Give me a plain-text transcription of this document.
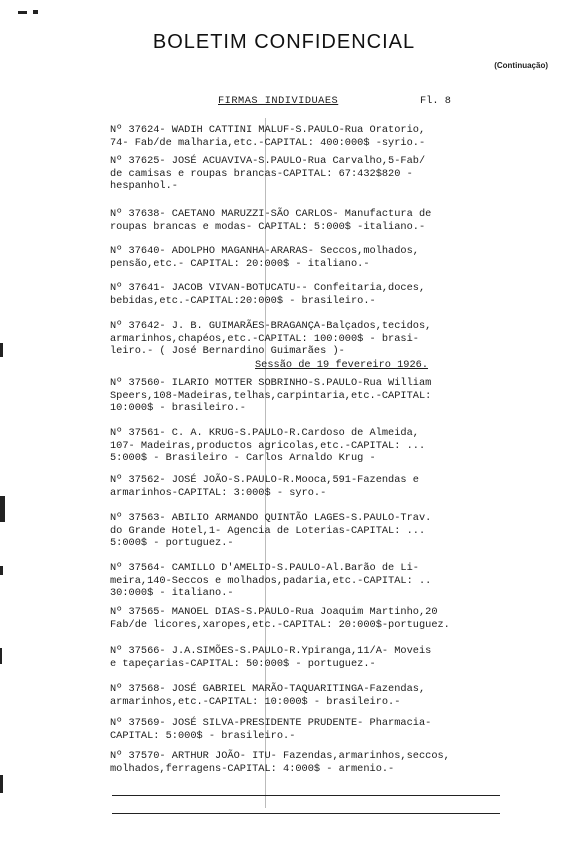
BOLETIM CONFIDENCIAL
(Continuação)
FIRMAS INDIVIDUAES	Fl. 8
Sessão de 19 fevereiro 1926.
Nº 37624- WADIH CATTINI MALUF-S.PAULO-Rua Oratorio,
74- Fab/de malharia,etc.-CAPITAL: 400:000$ -syrio.-
Nº 37625- JOSÉ ACUAVIVA-S.PAULO-Rua Carvalho,5-Fab/
de camisas e roupas brancas-CAPITAL: 67:432$820 -
hespanhol.-
Nº 37638- CAETANO MARUZZI-SÃO CARLOS- Manufactura de
roupas brancas e modas- CAPITAL: 5:000$ -italiano.-
Nº 37640- ADOLPHO MAGANHA-ARARAS- Seccos,molhados,
pensão,etc.- CAPITAL: 20:000$ - italiano.-
Nº 37641- JACOB VIVAN-BOTUCATU-- Confeitaria,doces,
bebidas,etc.-CAPITAL:20:000$ - brasileiro.-
Nº 37642- J. B. GUIMARÃES-BRAGANÇA-Balçados,tecidos,
armarinhos,chapéos,etc.-CAPITAL: 100:000$ - brasi-
leiro.- ( José Bernardino Guimarães )-
Nº 37560- ILARIO MOTTER SOBRINHO-S.PAULO-Rua William
Speers,108-Madeiras,telhas,carpintaria,etc.-CAPITAL:
10:000$ - brasileiro.-
Nº 37561- C. A. KRUG-S.PAULO-R.Cardoso de Almeida,
107- Madeiras,productos agricolas,etc.-CAPITAL: ...
5:000$ - Brasileiro - Carlos Arnaldo Krug -
Nº 37562- JOSÉ JOÃO-S.PAULO-R.Mooca,591-Fazendas e
armarinhos-CAPITAL: 3:000$ - syro.-
Nº 37563- ABILIO ARMANDO QUINTÃO LAGES-S.PAULO-Trav.
do Grande Hotel,1- Agencia de Loterias-CAPITAL: ...
5:000$ - portuguez.-
Nº 37564- CAMILLO D'AMELIO-S.PAULO-Al.Barão de Li-
meira,140-Seccos e molhados,padaria,etc.-CAPITAL: ..
30:000$ - italiano.-
Nº 37565- MANOEL DIAS-S.PAULO-Rua Joaquim Martinho,20
Fab/de licores,xaropes,etc.-CAPITAL: 20:000$-portuguez.
Nº 37566- J.A.SIMÕES-S.PAULO-R.Ypiranga,11/A- Moveis
e tapeçarias-CAPITAL: 50:000$ - portuguez.-
Nº 37568- JOSÉ GABRIEL MARÃO-TAQUARITINGA-Fazendas,
armarinhos,etc.-CAPITAL: 10:000$ - brasileiro.-
Nº 37569- JOSÉ SILVA-PRESIDENTE PRUDENTE- Pharmacia-
CAPITAL: 5:000$ - brasileiro.-
Nº 37570- ARTHUR JOÃO- ITU- Fazendas,armarinhos,seccos,
molhados,ferragens-CAPITAL: 4:000$ - armenio.-
